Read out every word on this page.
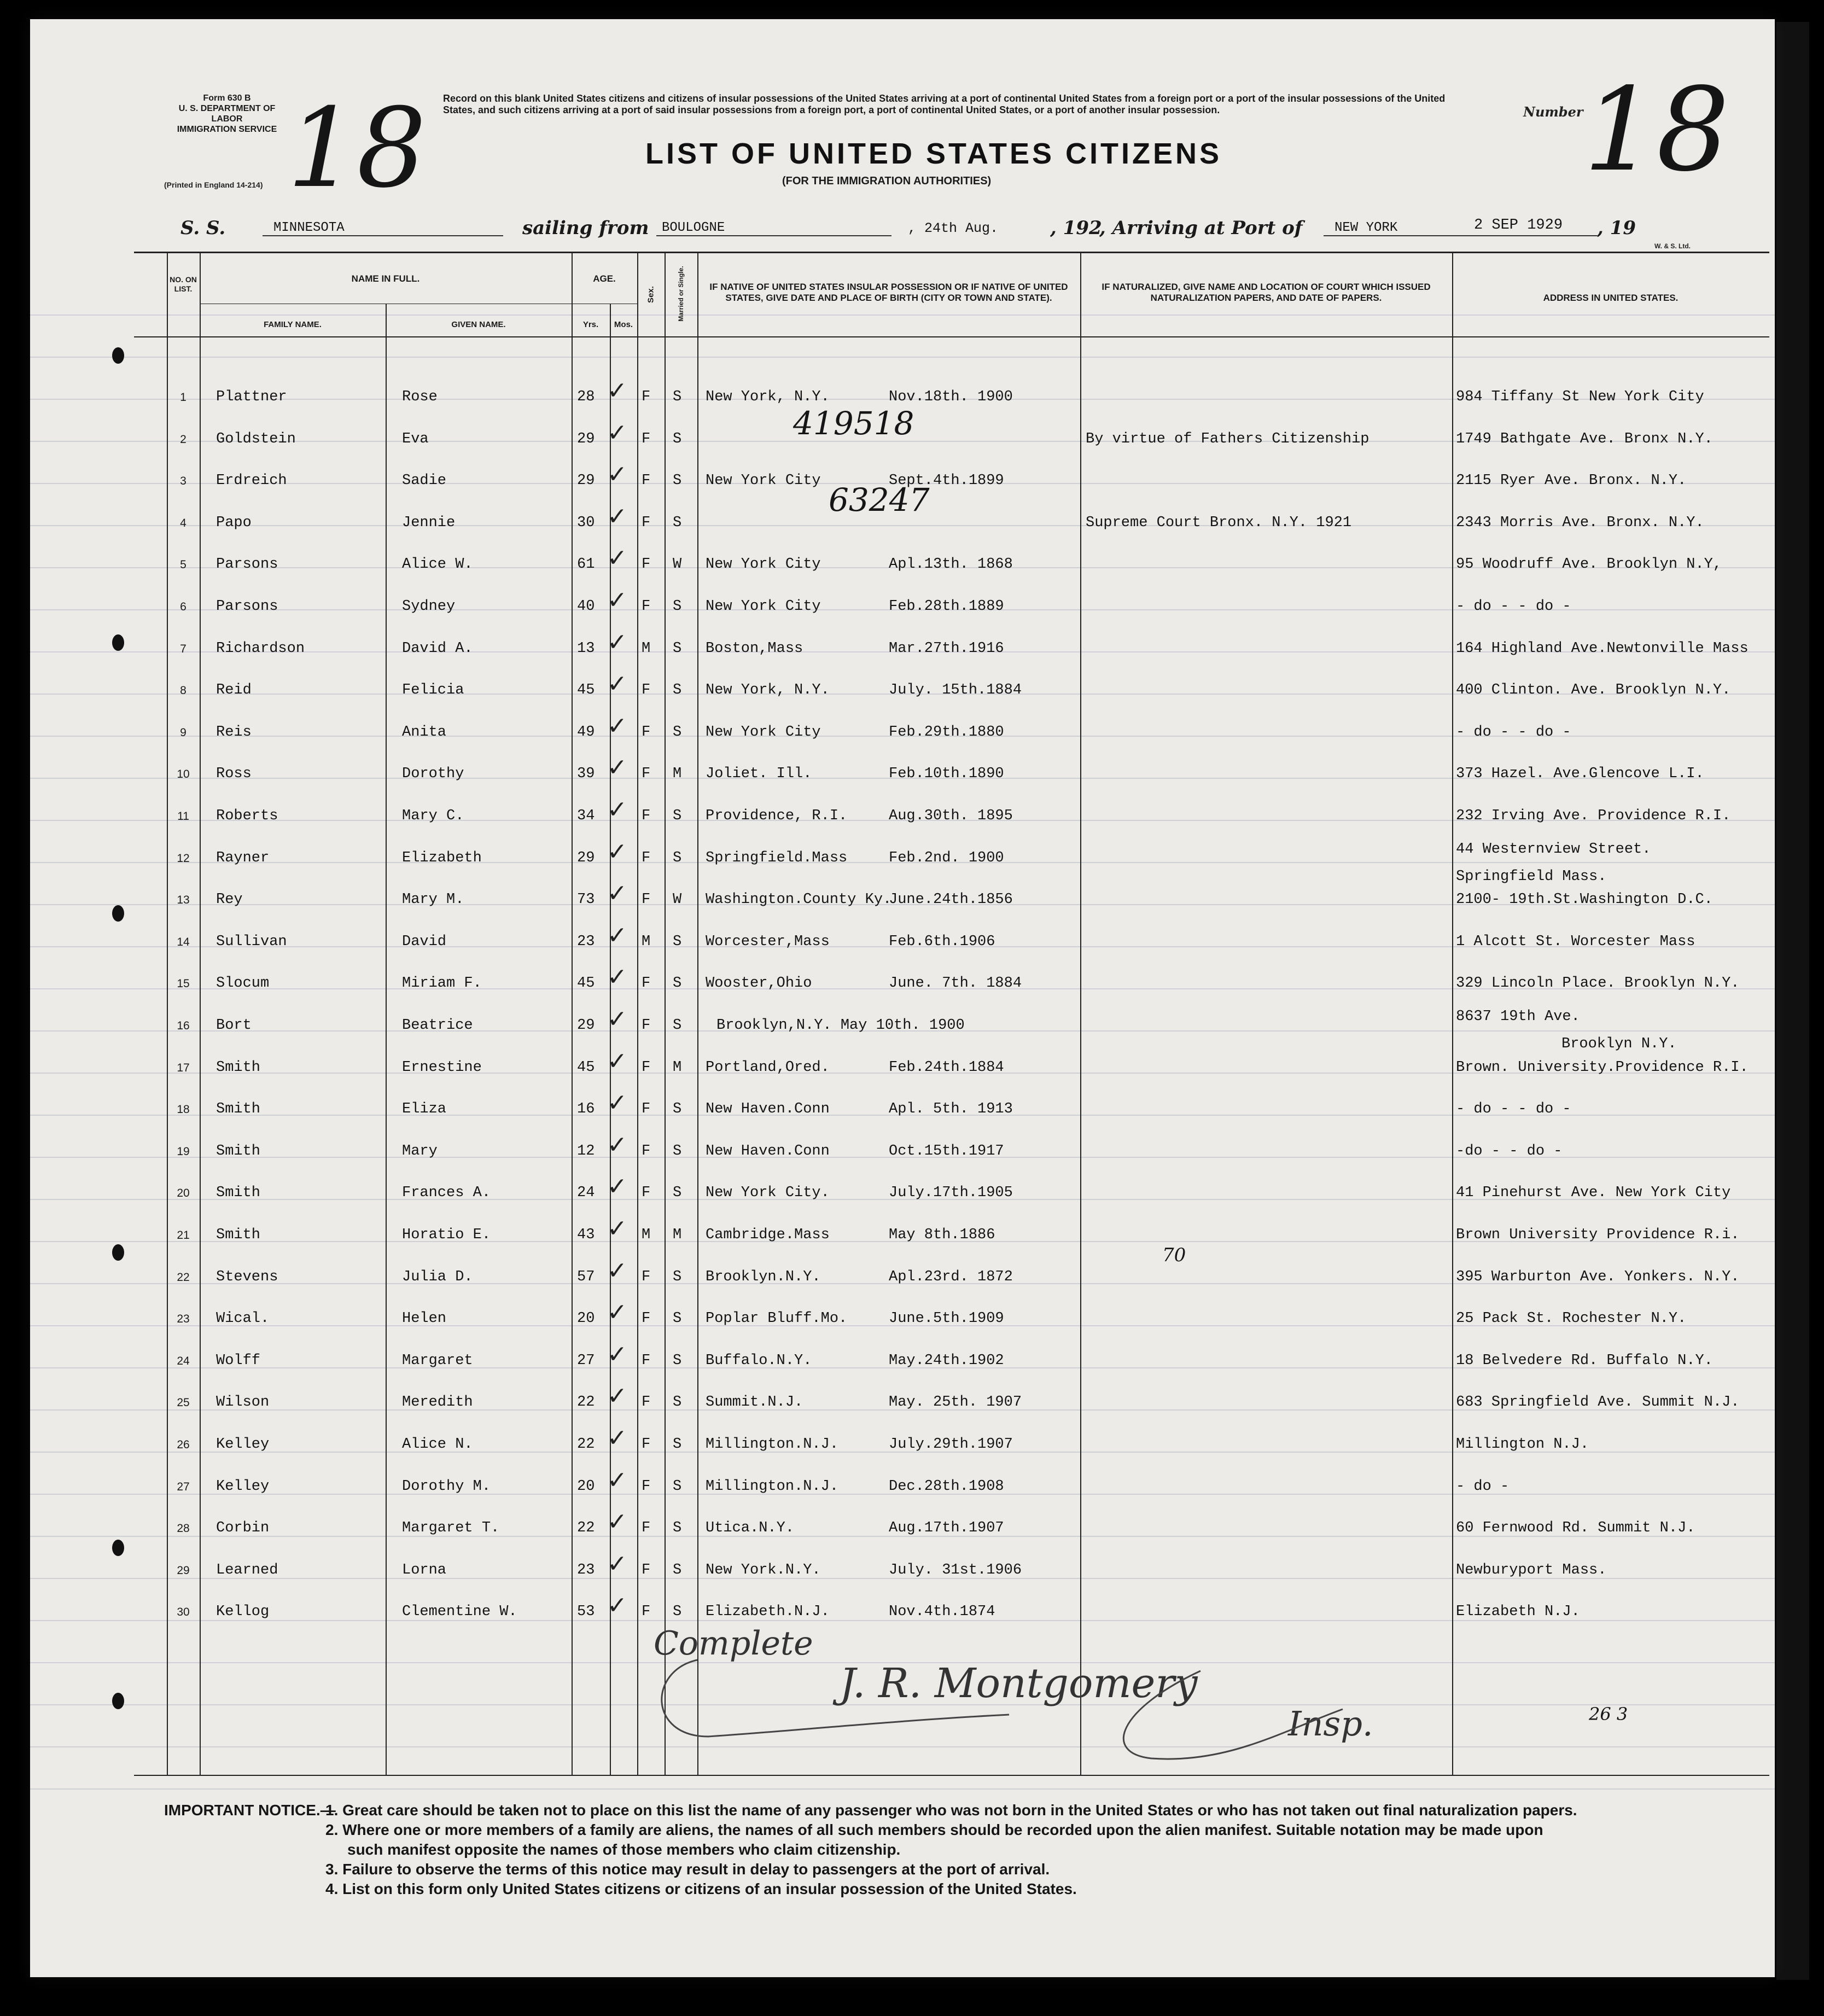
Form 630 B
U. S. DEPARTMENT OF LABOR
IMMIGRATION SERVICE
(Printed in England 14-214) 18 Record on this blank United States citizens and citizens of insular possessions of the United States arriving at a port of continental United States from a foreign port or a port of the insular possessions of the United States, and such citizens arriving at a port of said insular possessions from a foreign port, a port of continental United States, or a port of another insular possession.
LIST OF UNITED STATES CITIZENS
(FOR THE IMMIGRATION AUTHORITIES)
Number 18
S. S.	MINNESOTA	sailing from BOULOGNE	, 24th Aug.	, 192
, Arriving at Port of NEW YORK	2 SEP 1929 , 19
W. & S. Ltd.
NO. ON LIST.
NAME IN FULL.
FAMILY NAME.	GIVEN NAME.
AGE.
Yrs.	Mos.
Sex.	Married or Single.	IF NATIVE OF UNITED STATES INSULAR POSSESSION OR IF NATIVE OF UNITED STATES, GIVE DATE AND PLACE OF BIRTH (CITY OR TOWN AND STATE).
IF NATURALIZED, GIVE NAME AND LOCATION OF COURT WHICH ISSUED NATURALIZATION PAPERS, AND DATE OF PAPERS.	ADDRESS IN UNITED STATES.
1	Plattner	Rose	28	F S New York, N.Y.	Nov.18th. 1900	984 Tiffany St New York City
✓
2	Goldstein	Eva	29	F S	By virtue of Fathers Citizenship	1749 Bathgate Ave. Bronx N.Y.
✓
3	Erdreich	Sadie	29	F S New York City	Sept.4th.1899	2115 Ryer Ave. Bronx. N.Y.
✓
4	Papo	Jennie	30	F S	Supreme Court Bronx. N.Y. 1921	2343 Morris Ave. Bronx. N.Y.
✓
5	Parsons	Alice W.	61	F W New York City	Apl.13th. 1868	95 Woodruff Ave. Brooklyn N.Y,
✓
6	Parsons	Sydney	40	F S New York City	Feb.28th.1889	- do - - do -
✓
7	Richardson	David A.	13	M S Boston,Mass	Mar.27th.1916	164 Highland Ave.Newtonville Mass
✓
8	Reid	Felicia	45	F S New York, N.Y.	July. 15th.1884	400 Clinton. Ave. Brooklyn N.Y.
✓
9	Reis	Anita	49	F S New York City	Feb.29th.1880	- do - - do -
✓
10	Ross	Dorothy	39	F M Joliet. Ill.	Feb.10th.1890	373 Hazel. Ave.Glencove L.I.
✓
11	Roberts	Mary C.	34	F S Providence, R.I.	Aug.30th. 1895	232 Irving Ave. Providence R.I.
✓
12	Rayner	Elizabeth	29	F S Springfield.Mass	Feb.2nd. 1900
44 Westernview Street.
Springfield Mass.
✓
13	Rey	Mary M.	73	F W Washington.County Ky.
June.24th.1856	2100- 19th.St.Washington D.C.
✓
14	Sullivan	David	23	M S Worcester,Mass	Feb.6th.1906	1 Alcott St. Worcester Mass
✓
15	Slocum	Miriam F.	45	F S Wooster,Ohio	June. 7th. 1884	329 Lincoln Place. Brooklyn N.Y.
✓
16	Bort	Beatrice	29	F S Brooklyn,N.Y. May 10th. 1900
8637 19th Ave.
Brooklyn N.Y.
✓
17	Smith	Ernestine	45	F M Portland,Ored.	Feb.24th.1884	Brown. University.Providence R.I.
✓
18	Smith	Eliza	16	F S New Haven.Conn	Apl. 5th. 1913	- do - - do -
✓
19	Smith	Mary	12	F S New Haven.Conn	Oct.15th.1917	-do - - do -
✓
20	Smith	Frances A.	24	F S New York City.	July.17th.1905	41 Pinehurst Ave. New York City
✓
21	Smith	Horatio E.	43	M M Cambridge.Mass	May 8th.1886	Brown University Providence R.i.
✓
22	Stevens	Julia D.	57	F S Brooklyn.N.Y.	Apl.23rd. 1872	395 Warburton Ave. Yonkers. N.Y.
✓
23	Wical.	Helen	20	F S Poplar Bluff.Mo.	June.5th.1909	25 Pack St. Rochester N.Y.
✓
24	Wolff	Margaret	27	F S Buffalo.N.Y.	May.24th.1902	18 Belvedere Rd. Buffalo N.Y.
✓
25	Wilson	Meredith	22	F S Summit.N.J.	May. 25th. 1907	683 Springfield Ave. Summit N.J.
✓
26	Kelley	Alice N.	22	F S Millington.N.J.	July.29th.1907	Millington N.J.
✓
27	Kelley	Dorothy M.	20	F S Millington.N.J.	Dec.28th.1908	- do -
✓
28	Corbin	Margaret T.	22	F S Utica.N.Y.	Aug.17th.1907	60 Fernwood Rd. Summit N.J.
✓
29	Learned	Lorna	23	F S New York.N.Y.	July. 31st.1906	Newburyport Mass.
✓
30	Kellog	Clementine W.	53	F S Elizabeth.N.J.	Nov.4th.1874	Elizabeth N.J.
✓
419518
63247
70
Complete
J. R. Montgomery
Insp.	26 3
IMPORTANT NOTICE.—
1. Great care should be taken not to place on this list the name of any passenger who was not born in the United States or who has not taken out final naturalization papers.
2. Where one or more members of a family are aliens, the names of all such members should be recorded upon the alien manifest. Suitable notation may be made upon
such manifest opposite the names of those members who claim citizenship.
3. Failure to observe the terms of this notice may result in delay to passengers at the port of arrival.
4. List on this form only United States citizens or citizens of an insular possession of the United States.
